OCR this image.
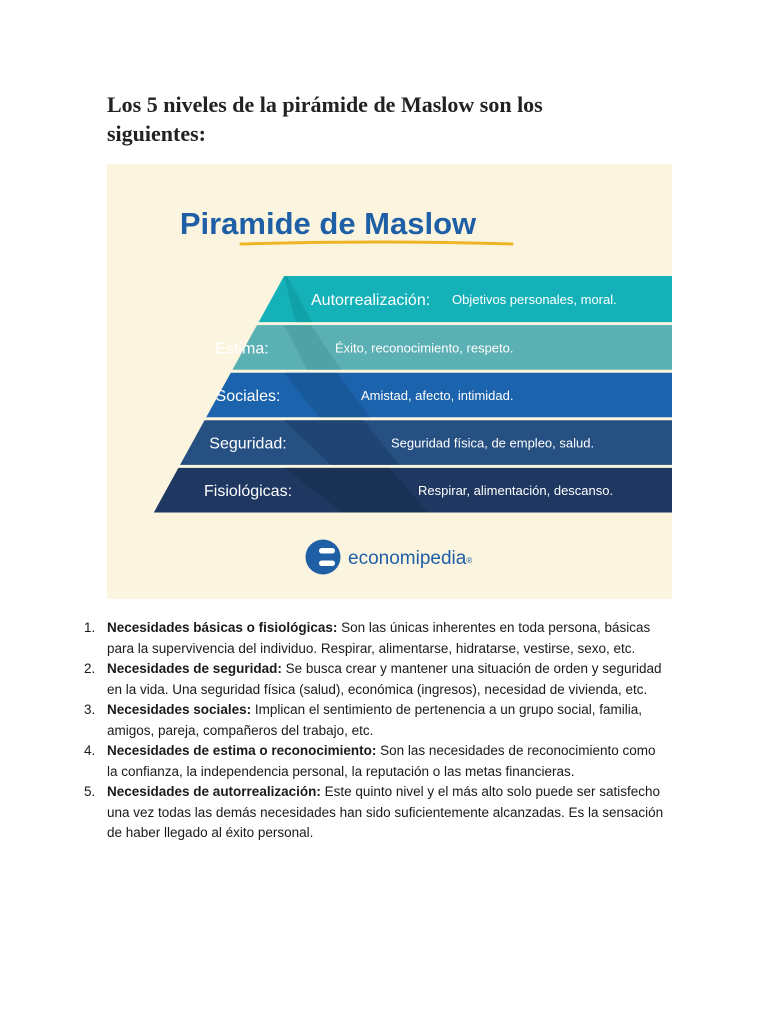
Los 5 niveles de la pirámide de Maslow son los siguientes:
Piramide de Maslow
Autorrealización: Objetivos personales, moral.
Estima:	Éxito, reconocimiento, respeto.
Sociales:	Amistad, afecto, intimidad.
Seguridad:	Seguridad física, de empleo, salud.
Fisiológicas:	Respirar, alimentación, descanso.
economipedia®
1. Necesidades básicas o fisiológicas: Son las únicas inherentes en toda persona, básicas para la supervivencia del individuo. Respirar, alimentarse, hidratarse, vestirse, sexo, etc.
2. Necesidades de seguridad: Se busca crear y mantener una situación de orden y seguridad en la vida. Una seguridad física (salud), económica (ingresos), necesidad de vivienda, etc.
3. Necesidades sociales: Implican el sentimiento de pertenencia a un grupo social, familia, amigos, pareja, compañeros del trabajo, etc.
4. Necesidades de estima o reconocimiento: Son las necesidades de reconocimiento como la confianza, la independencia personal, la reputación o las metas financieras.
5. Necesidades de autorrealización: Este quinto nivel y el más alto solo puede ser satisfecho una vez todas las demás necesidades han sido suficientemente alcanzadas. Es la sensación de haber llegado al éxito personal.
